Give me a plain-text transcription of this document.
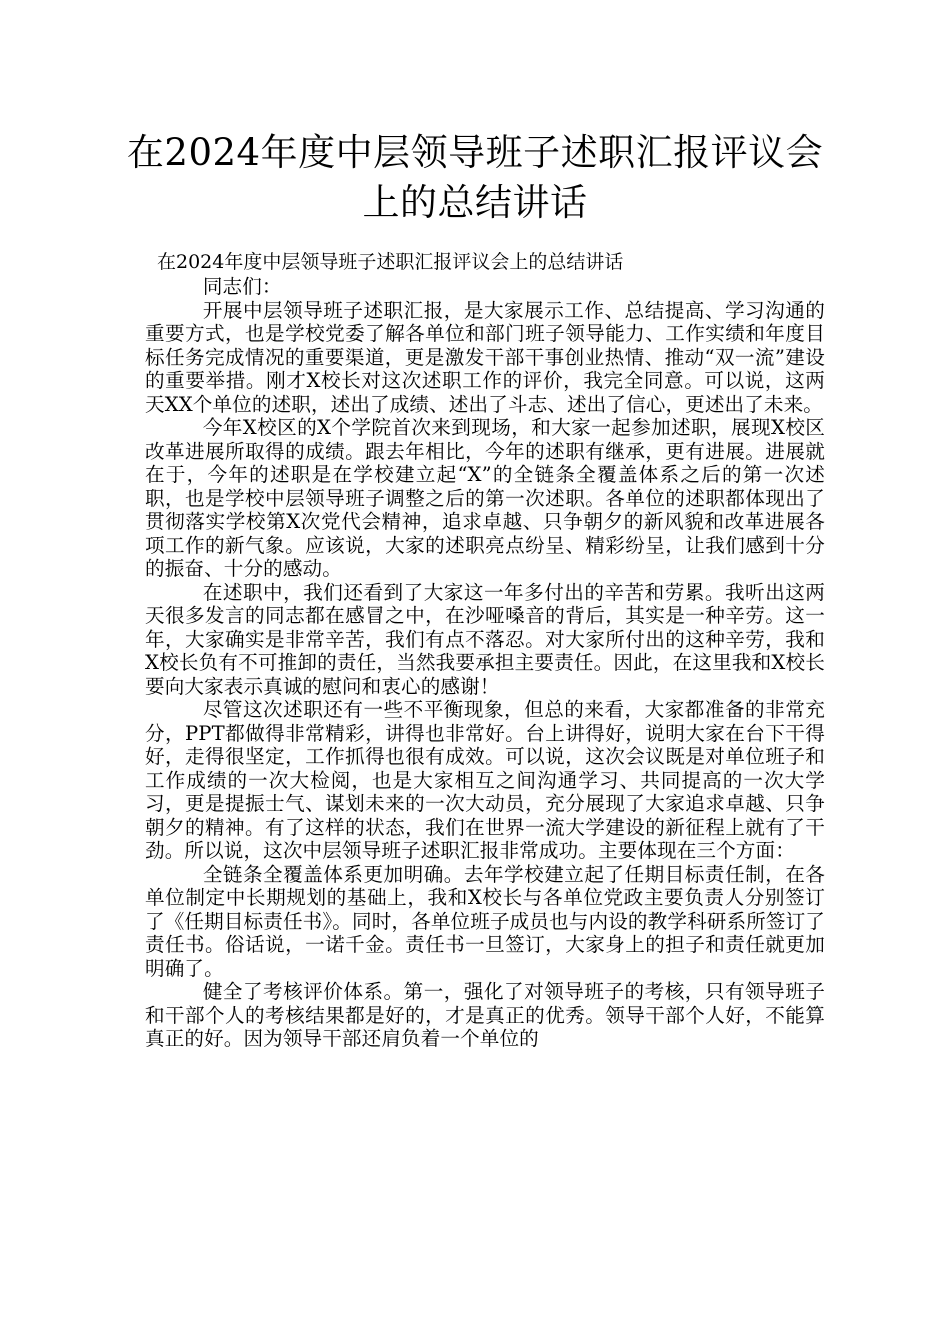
在2024年度中层领导班子述职汇报评议会上的总结讲话

在2024年度中层领导班子述职汇报评议会上的总结讲话

同志们：

开展中层领导班子述职汇报，是大家展示工作、总结提高、学习沟通的重要方式，也是学校党委了解各单位和部门班子领导能力、工作实绩和年度目标任务完成情况的重要渠道，更是激发干部干事创业热情、推动“双一流”建设的重要举措。刚才X校长对这次述职工作的评价，我完全同意。可以说，这两天XX个单位的述职，述出了成绩、述出了斗志、述出了信心，更述出了未来。

今年X校区的X个学院首次来到现场，和大家一起参加述职，展现X校区改革进展所取得的成绩。跟去年相比，今年的述职有继承，更有进展。进展就在于，今年的述职是在学校建立起“X”的全链条全覆盖体系之后的第一次述职，也是学校中层领导班子调整之后的第一次述职。各单位的述职都体现出了贯彻落实学校第X次党代会精神，追求卓越、只争朝夕的新风貌和改革进展各项工作的新气象。应该说，大家的述职亮点纷呈、精彩纷呈，让我们感到十分的振奋、十分的感动。

在述职中，我们还看到了大家这一年多付出的辛苦和劳累。我听出这两天很多发言的同志都在感冒之中，在沙哑嗓音的背后，其实是一种辛劳。这一年，大家确实是非常辛苦，我们有点不落忍。对大家所付出的这种辛劳，我和X校长负有不可推卸的责任，当然我要承担主要责任。因此，在这里我和X校长要向大家表示真诚的慰问和衷心的感谢！

尽管这次述职还有一些不平衡现象，但总的来看，大家都准备的非常充分，PPT都做得非常精彩，讲得也非常好。台上讲得好，说明大家在台下干得好，走得很坚定，工作抓得也很有成效。可以说，这次会议既是对单位班子和工作成绩的一次大检阅，也是大家相互之间沟通学习、共同提高的一次大学习，更是提振士气、谋划未来的一次大动员，充分展现了大家追求卓越、只争朝夕的精神。有了这样的状态，我们在世界一流大学建设的新征程上就有了干劲。所以说，这次中层领导班子述职汇报非常成功。主要体现在三个方面：

全链条全覆盖体系更加明确。去年学校建立起了任期目标责任制，在各单位制定中长期规划的基础上，我和X校长与各单位党政主要负责人分别签订了《任期目标责任书》。同时，各单位班子成员也与内设的教学科研系所签订了责任书。俗话说，一诺千金。责任书一旦签订，大家身上的担子和责任就更加明确了。

健全了考核评价体系。第一，强化了对领导班子的考核，只有领导班子和干部个人的考核结果都是好的，才是真正的优秀。领导干部个人好，不能算真正的好。因为领导干部还肩负着一个单位的
